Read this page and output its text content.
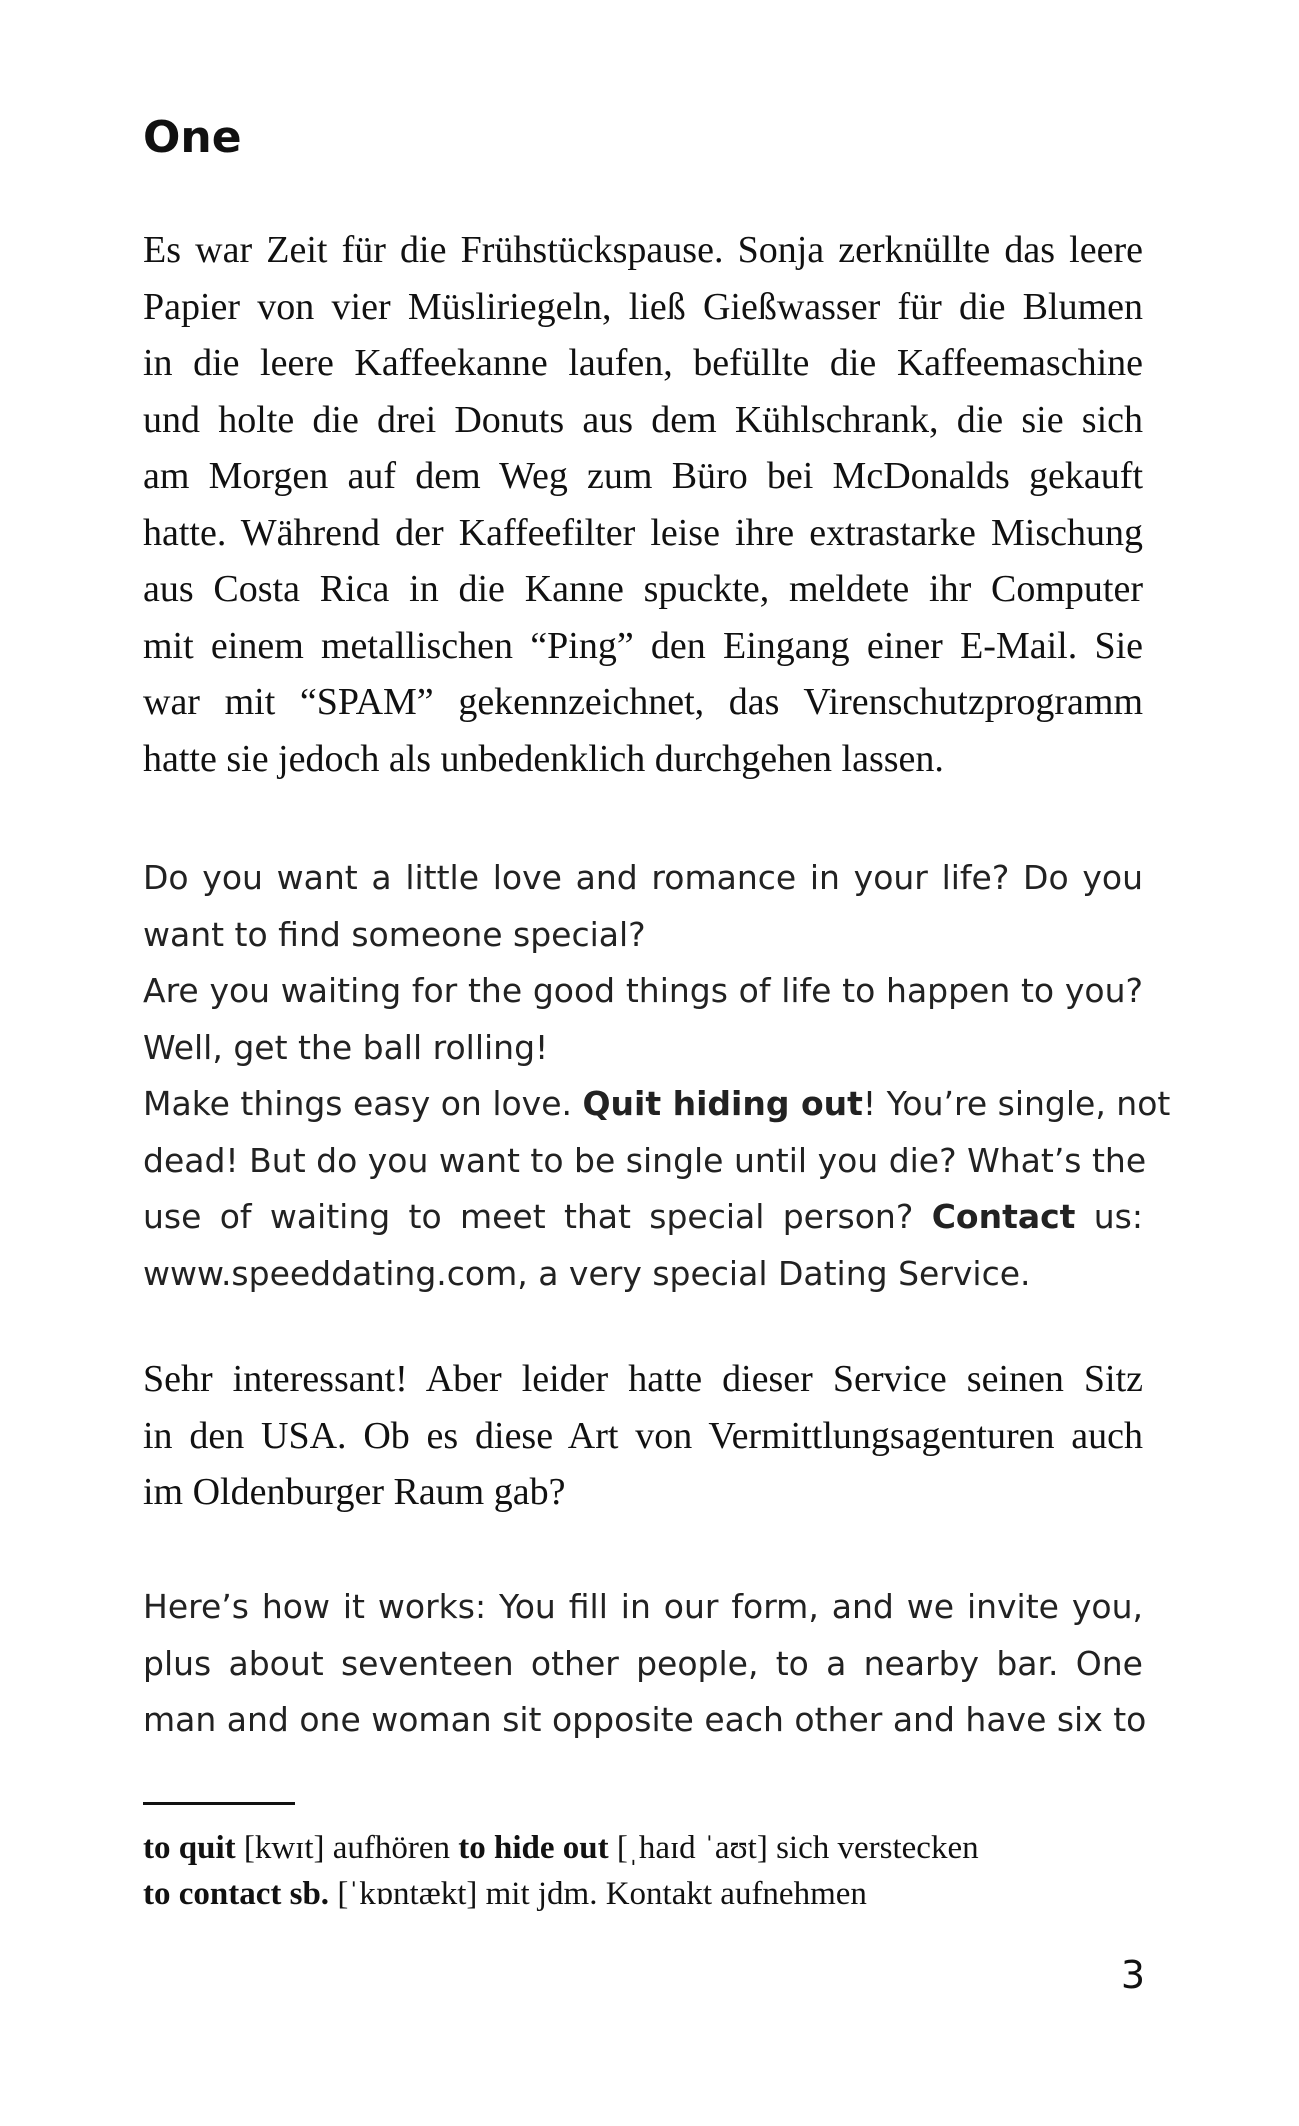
One
Es war Zeit für die Frühstückspause. Sonja zerknüllte das leere
Papier von vier Müsliriegeln, ließ Gießwasser für die Blumen
in die leere Kaffeekanne laufen, befüllte die Kaffeemaschine
und holte die drei Donuts aus dem Kühlschrank, die sie sich
am Morgen auf dem Weg zum Büro bei McDonalds gekauft
hatte. Während der Kaffeefilter leise ihre extrastarke Mischung
aus Costa Rica in die Kanne spuckte, meldete ihr Computer
mit einem metallischen “Ping” den Eingang einer E-Mail. Sie
war mit “SPAM” gekennzeichnet, das Virenschutzprogramm
hatte sie jedoch als unbedenklich durchgehen lassen.
Do you want a little love and romance in your life? Do you
want to find someone special?
Are you waiting for the good things of life to happen to you?
Well, get the ball rolling!
Make things easy on love. Quit hiding out! You’re single, not
dead! But do you want to be single until you die? What’s the
use of waiting to meet that special person? Contact us:
www.speeddating.com, a very special Dating Service.
Sehr interessant! Aber leider hatte dieser Service seinen Sitz
in den USA. Ob es diese Art von Vermittlungsagenturen auch
im Oldenburger Raum gab?
Here’s how it works: You fill in our form, and we invite you,
plus about seventeen other people, to a nearby bar. One
man and one woman sit opposite each other and have six to
to quit [kwɪt] aufhören to hide out [ˌhaɪd ˈaʊt] sich verstecken
to contact sb. [ˈkɒntækt] mit jdm. Kontakt aufnehmen
3
